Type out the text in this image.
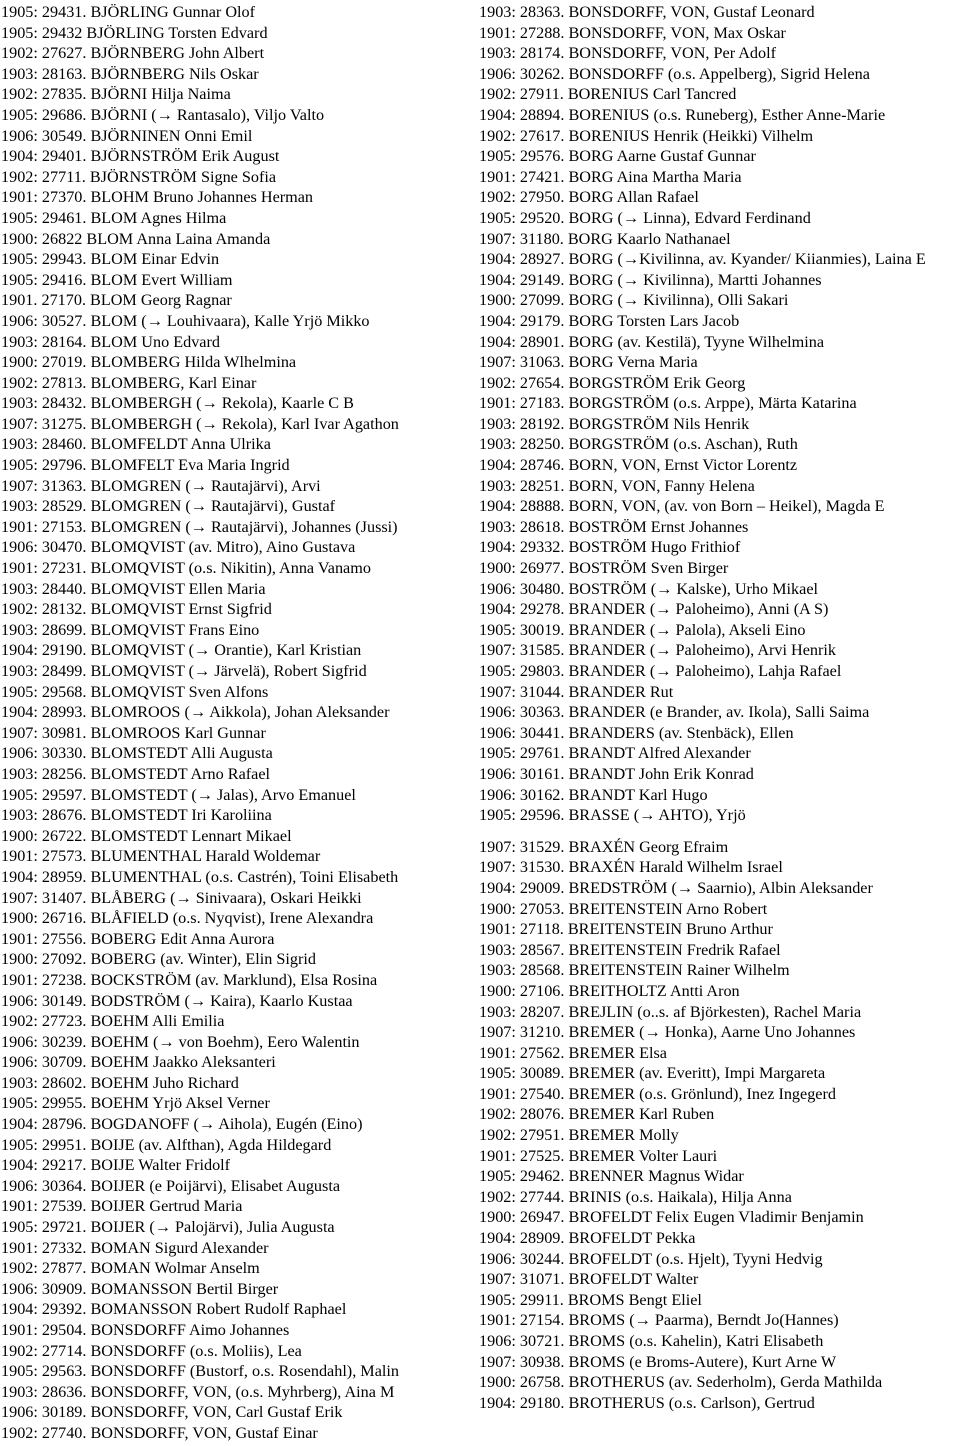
1905: 29431. BJÖRLING Gunnar Olof
1905: 29432 BJÖRLING Torsten Edvard
1902: 27627. BJÖRNBERG John Albert
1903: 28163. BJÖRNBERG Nils Oskar
1902: 27835. BJÖRNI Hilja Naima
1905: 29686. BJÖRNI (→ Rantasalo), Viljo Valto
1906: 30549. BJÖRNINEN Onni Emil
1904: 29401. BJÖRNSTRÖM Erik August
1902: 27711. BJÖRNSTRÖM Signe Sofia
1901: 27370. BLOHM Bruno Johannes Herman
1905: 29461. BLOM Agnes Hilma
1900: 26822 BLOM Anna Laina Amanda
1905: 29943. BLOM Einar Edvin
1905: 29416. BLOM Evert William
1901. 27170. BLOM Georg Ragnar
1906: 30527. BLOM (→ Louhivaara), Kalle Yrjö Mikko
1903: 28164. BLOM Uno Edvard
1900: 27019. BLOMBERG Hilda Wlhelmina
1902: 27813. BLOMBERG, Karl Einar
1903: 28432. BLOMBERGH (→ Rekola), Kaarle C B
1907: 31275. BLOMBERGH (→ Rekola), Karl Ivar Agathon
1903: 28460. BLOMFELDT Anna Ulrika
1905: 29796. BLOMFELT Eva Maria Ingrid
1907: 31363. BLOMGREN (→ Rautajärvi), Arvi
1903: 28529. BLOMGREN (→ Rautajärvi), Gustaf
1901: 27153. BLOMGREN (→ Rautajärvi), Johannes (Jussi)
1906: 30470. BLOMQVIST (av. Mitro), Aino Gustava
1901: 27231. BLOMQVIST (o.s. Nikitin), Anna Vanamo
1903: 28440. BLOMQVIST Ellen Maria
1902: 28132. BLOMQVIST Ernst Sigfrid
1903: 28699. BLOMQVIST Frans Eino
1904: 29190. BLOMQVIST (→ Orantie), Karl Kristian
1903: 28499. BLOMQVIST (→ Järvelä), Robert Sigfrid
1905: 29568. BLOMQVIST Sven Alfons
1904: 28993. BLOMROOS (→ Aikkola), Johan Aleksander
1907: 30981. BLOMROOS Karl Gunnar
1906: 30330. BLOMSTEDT Alli Augusta
1903: 28256. BLOMSTEDT Arno Rafael
1905: 29597. BLOMSTEDT (→ Jalas), Arvo Emanuel
1903: 28676. BLOMSTEDT Iri Karoliina
1900: 26722. BLOMSTEDT Lennart Mikael
1901: 27573. BLUMENTHAL Harald Woldemar
1904: 28959. BLUMENTHAL (o.s. Castrén), Toini Elisabeth
1907: 31407. BLÅBERG (→ Sinivaara), Oskari Heikki
1900: 26716. BLÅFIELD (o.s. Nyqvist), Irene Alexandra
1901: 27556. BOBERG Edit Anna Aurora
1900: 27092. BOBERG (av. Winter), Elin Sigrid
1901: 27238. BOCKSTRÖM (av. Marklund), Elsa Rosina
1906: 30149. BODSTRÖM (→ Kaira), Kaarlo Kustaa
1902: 27723. BOEHM Alli Emilia
1906: 30239. BOEHM (→ von Boehm), Eero Walentin
1906: 30709. BOEHM Jaakko Aleksanteri
1903: 28602. BOEHM Juho Richard
1905: 29955. BOEHM Yrjö Aksel Verner
1904: 28796. BOGDANOFF (→ Aihola), Eugén (Eino)
1905: 29951. BOIJE (av. Alfthan), Agda Hildegard
1904: 29217. BOIJE Walter Fridolf
1906: 30364. BOIJER (e Poijärvi), Elisabet Augusta
1901: 27539. BOIJER Gertrud Maria
1905: 29721. BOIJER (→ Palojärvi), Julia Augusta
1901: 27332. BOMAN Sigurd Alexander
1902: 27877. BOMAN Wolmar Anselm
1906: 30909. BOMANSSON Bertil Birger
1904: 29392. BOMANSSON Robert Rudolf Raphael
1901: 29504. BONSDORFF Aimo Johannes
1902: 27714. BONSDORFF (o.s. Moliis), Lea
1905: 29563. BONSDORFF (Bustorf, o.s. Rosendahl), Malin
1903: 28636. BONSDORFF, VON, (o.s. Myhrberg), Aina M
1906: 30189. BONSDORFF, VON, Carl Gustaf Erik
1902: 27740. BONSDORFF, VON, Gustaf Einar
1903: 28363. BONSDORFF, VON, Gustaf Leonard
1901: 27288. BONSDORFF, VON, Max Oskar
1903: 28174. BONSDORFF, VON, Per Adolf
1906: 30262. BONSDORFF (o.s. Appelberg), Sigrid Helena
1902: 27911. BORENIUS Carl Tancred
1904: 28894. BORENIUS (o.s. Runeberg), Esther Anne-Marie
1902: 27617. BORENIUS Henrik (Heikki) Vilhelm
1905: 29576. BORG Aarne Gustaf Gunnar
1901: 27421. BORG Aina Martha Maria
1902: 27950. BORG Allan Rafael
1905: 29520. BORG (→ Linna), Edvard Ferdinand
1907: 31180. BORG Kaarlo Nathanael
1904: 28927. BORG (→Kivilinna, av. Kyander/ Kiianmies), Laina E
1904: 29149. BORG (→ Kivilinna), Martti Johannes
1900: 27099. BORG (→ Kivilinna), Olli Sakari
1904: 29179. BORG Torsten Lars Jacob
1904: 28901. BORG (av. Kestilä), Tyyne Wilhelmina
1907: 31063. BORG Verna Maria
1902: 27654. BORGSTRÖM Erik Georg
1901: 27183. BORGSTRÖM (o.s. Arppe), Märta Katarina
1903: 28192. BORGSTRÖM Nils Henrik
1903: 28250. BORGSTRÖM (o.s. Aschan), Ruth
1904: 28746. BORN, VON, Ernst Victor Lorentz
1903: 28251. BORN, VON, Fanny Helena
1904: 28888. BORN, VON, (av. von Born – Heikel), Magda E
1903: 28618. BOSTRÖM Ernst Johannes
1904: 29332. BOSTRÖM Hugo Frithiof
1900: 26977. BOSTRÖM Sven Birger
1906: 30480. BOSTRÖM (→ Kalske), Urho Mikael
1904: 29278. BRANDER (→ Paloheimo), Anni (A S)
1905: 30019. BRANDER (→ Palola), Akseli Eino
1907: 31585. BRANDER (→ Paloheimo), Arvi Henrik
1905: 29803. BRANDER (→ Paloheimo), Lahja Rafael
1907: 31044. BRANDER Rut
1906: 30363. BRANDER (e Brander, av. Ikola), Salli Saima
1906: 30441. BRANDERS (av. Stenbäck), Ellen
1905: 29761. BRANDT Alfred Alexander
1906: 30161. BRANDT John Erik Konrad
1906: 30162. BRANDT Karl Hugo
1905: 29596. BRASSE (→ AHTO), Yrjö
1907: 31529. BRAXÉN Georg Efraim
1907: 31530. BRAXÉN Harald Wilhelm Israel
1904: 29009. BREDSTRÖM (→ Saarnio), Albin Aleksander
1900: 27053. BREITENSTEIN Arno Robert
1901: 27118. BREITENSTEIN Bruno Arthur
1903: 28567. BREITENSTEIN Fredrik Rafael
1903: 28568. BREITENSTEIN Rainer Wilhelm
1900: 27106. BREITHOLTZ Antti Aron
1903: 28207. BREJLIN (o..s. af Björkesten), Rachel Maria
1907: 31210. BREMER (→ Honka), Aarne Uno Johannes
1901: 27562. BREMER Elsa
1905: 30089. BREMER (av. Everitt), Impi Margareta
1901: 27540. BREMER (o.s. Grönlund), Inez Ingegerd
1902: 28076. BREMER Karl Ruben
1902: 27951. BREMER Molly
1901: 27525. BREMER Volter Lauri
1905: 29462. BRENNER Magnus Widar
1902: 27744. BRINIS (o.s. Haikala), Hilja Anna
1900: 26947. BROFELDT Felix Eugen Vladimir Benjamin
1904: 28909. BROFELDT Pekka
1906: 30244. BROFELDT (o.s. Hjelt), Tyyni Hedvig
1907: 31071. BROFELDT Walter
1905: 29911. BROMS Bengt Eliel
1901: 27154. BROMS (→ Paarma), Berndt Jo(Hannes)
1906: 30721. BROMS (o.s. Kahelin), Katri Elisabeth
1907: 30938. BROMS (e Broms-Autere), Kurt Arne W
1900: 26758. BROTHERUS (av. Sederholm), Gerda Mathilda
1904: 29180. BROTHERUS (o.s. Carlson), Gertrud
